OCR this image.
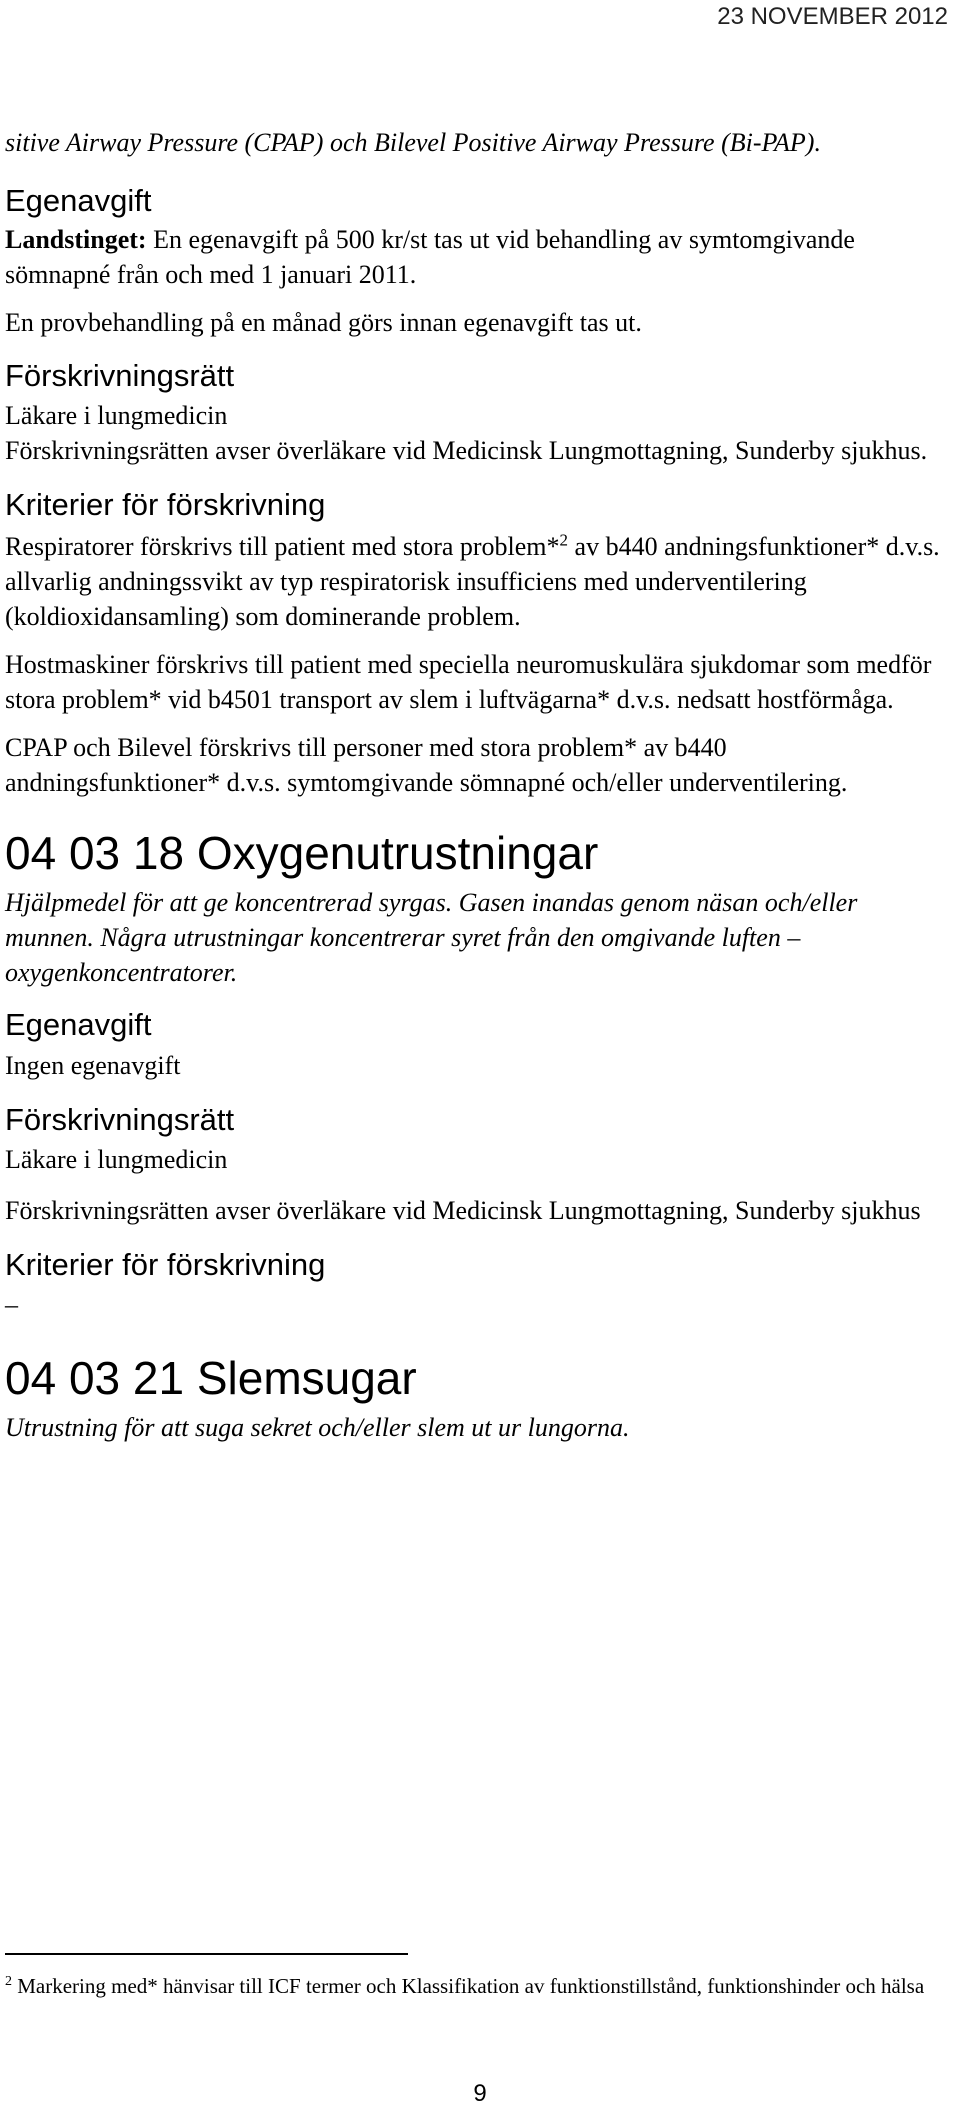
23 NOVEMBER 2012

sitive Airway Pressure (CPAP) och Bilevel Positive Airway Pressure (Bi-PAP).

Egenavgift

Landstinget: En egenavgift på 500 kr/st tas ut vid behandling av symtomgivande sömnapné från och med 1 januari 2011.

En provbehandling på en månad görs innan egenavgift tas ut.

Förskrivningsrätt

Läkare i lungmedicin

Förskrivningsrätten avser överläkare vid Medicinsk Lungmottagning, Sunderby sjukhus.

Kriterier för förskrivning

Respiratorer förskrivs till patient med stora problem*$^2$ av b440 andningsfunktioner* d.v.s. allvarlig andningssvikt av typ respiratorisk insufficiens med underventilering (koldioxidansamling) som dominerande problem.

Hostmaskiner förskrivs till patient med speciella neuromuskulära sjukdomar som medför stora problem* vid b4501 transport av slem i luftvägarna* d.v.s. nedsatt hostförmåga.

CPAP och Bilevel förskrivs till personer med stora problem* av b440 andningsfunktioner* d.v.s. symtomgivande sömnapné och/eller underventilering.

04 03 18 Oxygenutrustningar

Hjälpmedel för att ge koncentrerad syrgas. Gasen inandas genom näsan och/eller munnen. Några utrustningar koncentrerar syret från den omgivande luften – oxygenkoncentratorer.

Egenavgift

Ingen egenavgift

Förskrivningsrätt

Läkare i lungmedicin

Förskrivningsrätten avser överläkare vid Medicinsk Lungmottagning, Sunderby sjukhus

Kriterier för förskrivning

–

04 03 21 Slemsugar

Utrustning för att suga sekret och/eller slem ut ur lungorna.

$^2$ Markering med* hänvisar till ICF termer och Klassifikation av funktionstillstånd, funktionshinder och hälsa

9
